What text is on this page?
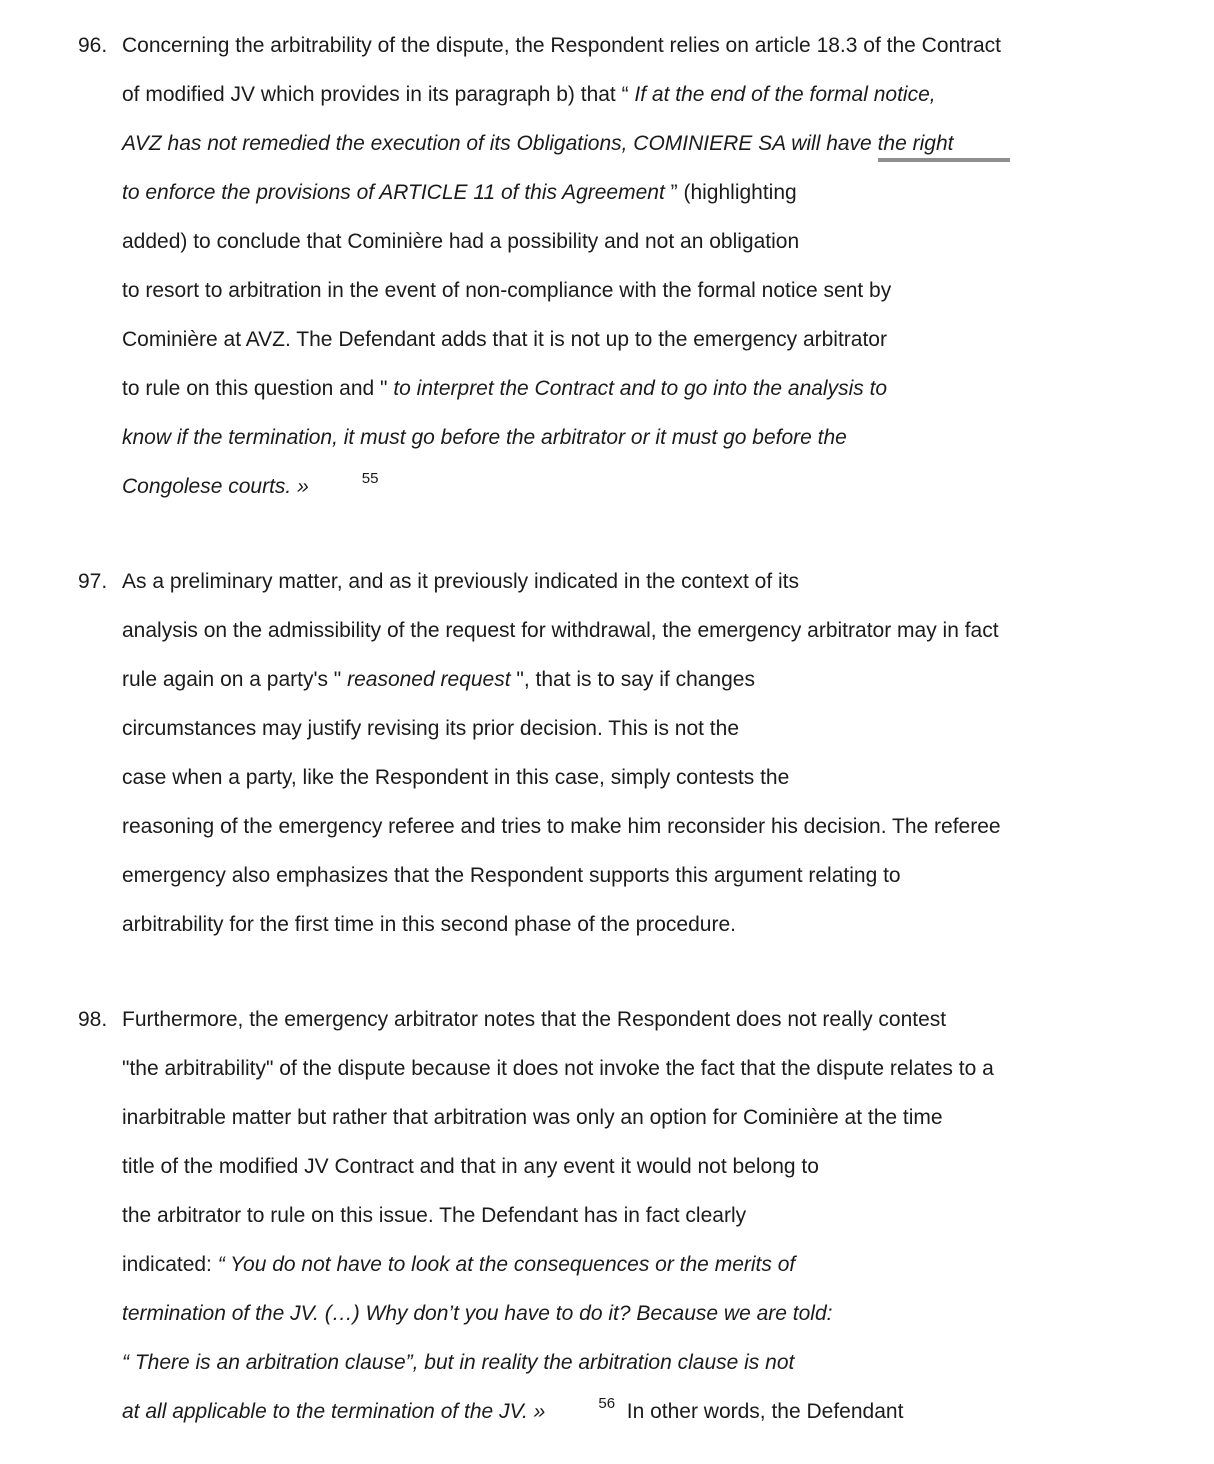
96. Concerning the arbitrability of the dispute, the Respondent relies on article 18.3 of the Contract
of modified JV which provides in its paragraph b) that “ If at the end of the formal notice,
AVZ has not remedied the execution of its Obligations, COMINIERE SA will have the right
to enforce the provisions of ARTICLE 11 of this Agreement ” (highlighting
added) to conclude that Cominière had a possibility and not an obligation
to resort to arbitration in the event of non-compliance with the formal notice sent by
Cominière at AVZ. The Defendant adds that it is not up to the emergency arbitrator
to rule on this question and " to interpret the Contract and to go into the analysis to
know if the termination, it must go before the arbitrator or it must go before the
Congolese courts. »	$^{55}$
97. As a preliminary matter, and as it previously indicated in the context of its
analysis on the admissibility of the request for withdrawal, the emergency arbitrator may in fact
rule again on a party's " reasoned request ", that is to say if changes
circumstances may justify revising its prior decision. This is not the
case when a party, like the Respondent in this case, simply contests the
reasoning of the emergency referee and tries to make him reconsider his decision. The referee
emergency also emphasizes that the Respondent supports this argument relating to
arbitrability for the first time in this second phase of the procedure.
98. Furthermore, the emergency arbitrator notes that the Respondent does not really contest
"the arbitrability" of the dispute because it does not invoke the fact that the dispute relates to a
inarbitrable matter but rather that arbitration was only an option for Cominière at the time
title of the modified JV Contract and that in any event it would not belong to
the arbitrator to rule on this issue. The Defendant has in fact clearly
indicated: “ You do not have to look at the consequences or the merits of
termination of the JV. (…) Why don’t you have to do it? Because we are told:
“ There is an arbitration clause”, but in reality the arbitration clause is not
at all applicable to the termination of the JV. »	$^{56}$  In other words, the Defendant
